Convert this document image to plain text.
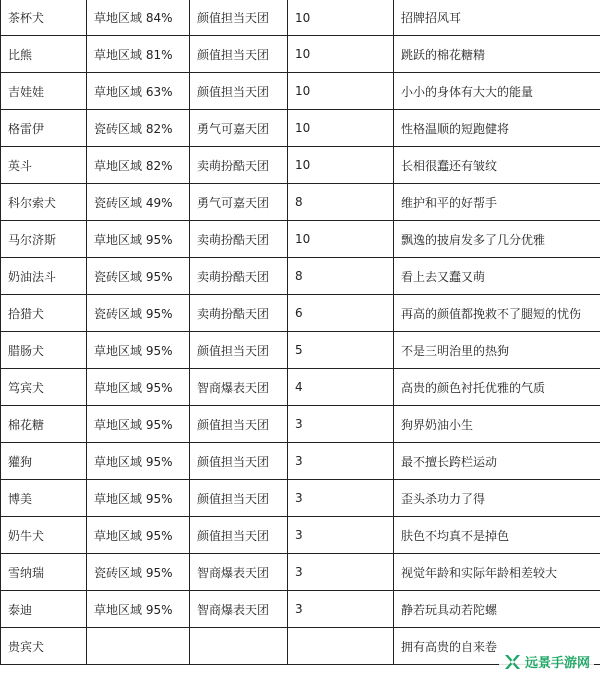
茶杯犬	草地区域 84%	颜值担当天团	10	招牌招风耳
比熊	草地区域 81%	颜值担当天团	10	跳跃的棉花糖精
吉娃娃	草地区域 63%	颜值担当天团	10	小小的身体有大大的能量
格雷伊	瓷砖区域 82%	勇气可嘉天团	10	性格温顺的短跑健将
英斗	草地区域 82%	卖萌扮酷天团	10	长相很蠢还有皱纹
科尔索犬	瓷砖区域 49%	勇气可嘉天团	8	维护和平的好帮手
马尔济斯	草地区域 95%	卖萌扮酷天团	10	飘逸的披肩发多了几分优雅
奶油法斗	瓷砖区域 95%	卖萌扮酷天团	8	看上去又蠢又萌
拾猎犬	瓷砖区域 95%	卖萌扮酷天团	6	再高的颜值都挽救不了腿短的忧伤
腊肠犬	草地区域 95%	颜值担当天团	5	不是三明治里的热狗
笃宾犬	草地区域 95%	智商爆表天团	4	高贵的颜色衬托优雅的气质
棉花糖	草地区域 95%	颜值担当天团	3	狗界奶油小生
獾狗	草地区域 95%	颜值担当天团	3	最不擅长跨栏运动
博美	草地区域 95%	颜值担当天团	3	歪头杀功力了得
奶牛犬	草地区域 95%	颜值担当天团	3	肤色不均真不是掉色
雪纳瑞	瓷砖区域 95%	智商爆表天团	3	视觉年龄和实际年龄相差较大
泰迪	草地区域 95%	智商爆表天团	3	静若玩具动若陀螺
贵宾犬				拥有高贵的自来卷
远景手游网
